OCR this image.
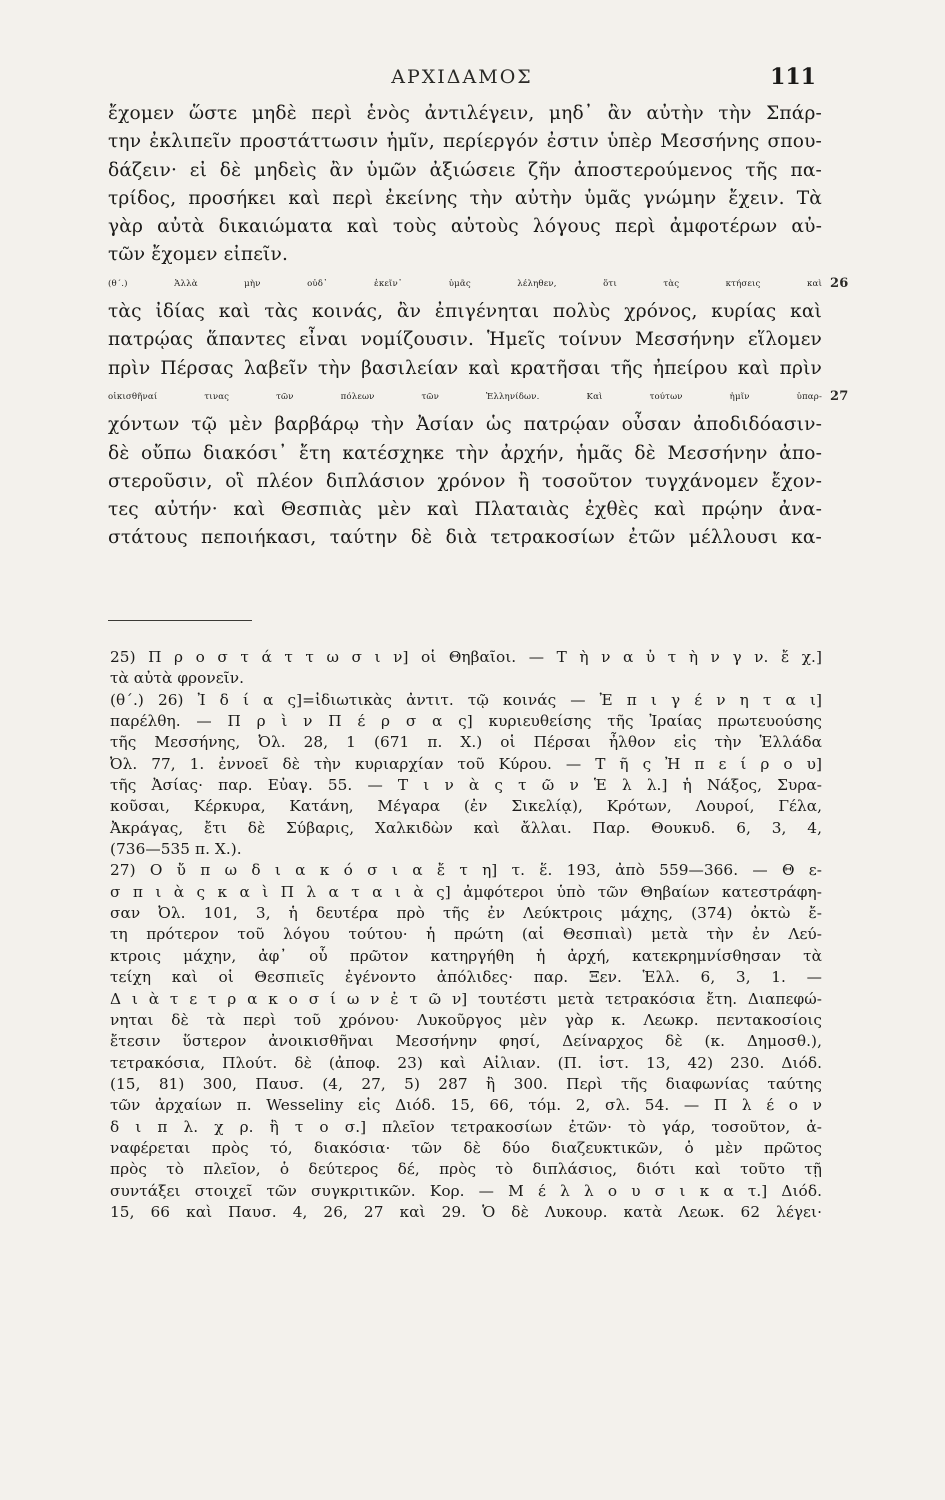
ΑΡΧΙΔΑΜΟΣ	111
ἔχομεν ὥστε μηδὲ περὶ ἑνὸς ἀντιλέγειν, μηδ᾽ ἂν αὐτὴν τὴν Σπάρ-
την ἐκλιπεῖν προστάττωσιν ἡμῖν, περίεργόν ἐστιν ὑπὲρ Μεσσήνης σπου-
δάζειν· εἰ δὲ μηδεὶς ἂν ὑμῶν ἀξιώσειε ζῆν ἀποστερούμενος τῆς πα-
τρίδος, προσήκει καὶ περὶ ἐκείνης τὴν αὐτὴν ὑμᾶς γνώμην ἔχειν. Τὰ
γὰρ αὐτὰ δικαιώματα καὶ τοὺς αὐτοὺς λόγους περὶ ἀμφοτέρων αὐ-
τῶν ἔχομεν εἰπεῖν.
(θ΄.) Ἀλλὰ μὴν οὐδ᾽ ἐκεῖν᾽ ὑμᾶς λέληθεν, ὅτι τὰς κτήσεις καὶ 26
τὰς ἰδίας καὶ τὰς κοινάς, ἂν ἐπιγένηται πολὺς χρόνος, κυρίας καὶ
πατρῴας ἅπαντες εἶναι νομίζουσιν. Ἡμεῖς τοίνυν Μεσσήνην εἵλομεν
πρὶν Πέρσας λαβεῖν τὴν βασιλείαν καὶ κρατῆσαι τῆς ἠπείρου καὶ πρὶν
οἰκισθῆναί τινας τῶν πόλεων τῶν Ἑλληνίδων. Καὶ τούτων ἡμῖν ὑπαρ- 27
χόντων τῷ μὲν βαρβάρῳ τὴν Ἀσίαν ὡς πατρῴαν οὖσαν ἀποδιδόασιν-
δὲ οὔπω διακόσι᾽ ἔτη κατέσχηκε τὴν ἀρχήν, ἡμᾶς δὲ Μεσσήνην ἀπο-
στεροῦσιν, οἳ πλέον διπλάσιον χρόνον ἢ τοσοῦτον τυγχάνομεν ἔχον-
τες αὐτήν· καὶ Θεσπιὰς μὲν καὶ Πλαταιὰς ἐχθὲς καὶ πρῴην ἀνα-
στάτους πεποιήκασι, ταύτην δὲ διὰ τετρακοσίων ἐτῶν μέλλουσι κα-
25) Π ρ ο σ τ ά τ τ ω σ ι ν] οἱ Θηβαῖοι. — Τ ὴ ν α ὐ τ ὴ ν γ ν. ἔ χ.]
τὰ αὐτὰ φρονεῖν.
(θ΄.) 26) Ἰ δ ί α ς]=ἰδιωτικὰς ἀντιτ. τῷ κοινάς — Ἐ π ι γ έ ν η τ α ι]
παρέλθη. — Π ρ ὶ ν Π έ ρ σ α ς] κυριευθείσης τῆς Ἰραίας πρωτευούσης
τῆς Μεσσήνης, Ὀλ. 28, 1 (671 π. Χ.) οἱ Πέρσαι ἦλθον εἰς τὴν Ἑλλάδα
Ὀλ. 77, 1. ἐννοεῖ δὲ τὴν κυριαρχίαν τοῦ Κύρου. — Τ ῆ ς Ἠ π ε ί ρ ο υ]
τῆς Ἀσίας· παρ. Εὐαγ. 55. — Τ ι ν ὰ ς τ ῶ ν Ἑ λ λ.] ἡ Νάξος, Συρα-
κοῦσαι, Κέρκυρα, Κατάνη, Μέγαρα (ἐν Σικελίᾳ), Κρότων, Λουροί, Γέλα,
Ἀκράγας, ἔτι δὲ Σύβαρις, Χαλκιδὼν καὶ ἄλλαι. Παρ. Θουκυδ. 6, 3, 4,
(736—535 π. Χ.).
27) Ο ὔ π ω δ ι α κ ό σ ι α ἔ τ η] τ. ἕ. 193, ἀπὸ 559—366. — Θ ε-
σ π ι ὰ ς κ α ὶ Π λ α τ α ι ὰ ς] ἀμφότεροι ὑπὸ τῶν Θηβαίων κατεστράφη-
σαν Ὀλ. 101, 3, ἡ δευτέρα πρὸ τῆς ἐν Λεύκτροις μάχης, (374) ὀκτὼ ἔ-
τη πρότερον τοῦ λόγου τούτου· ἡ πρώτη (αἱ Θεσπιαὶ) μετὰ τὴν ἐν Λεύ-
κτροις μάχην, ἀφ᾽ οὗ πρῶτον κατηργήθη ἡ ἀρχή, κατεκρημνίσθησαν τὰ
τείχη καὶ οἱ Θεσπιεῖς ἐγένοντο ἀπόλιδες· παρ. Ξεν. Ἑλλ. 6, 3, 1. —
Δ ι ὰ τ ε τ ρ α κ ο σ ί ω ν ἐ τ ῶ ν] τουτέστι μετὰ τετρακόσια ἔτη. Διαπεφώ-
νηται δὲ τὰ περὶ τοῦ χρόνου· Λυκοῦργος μὲν γὰρ κ. Λεωκρ. πεντακοσίοις
ἔτεσιν ὕστερον ἀνοικισθῆναι Μεσσήνην φησί, Δείναρχος δὲ (κ. Δημοσθ.),
τετρακόσια, Πλούτ. δὲ (ἀποφ. 23) καὶ Αἰλιαν. (Π. ἱστ. 13, 42) 230. Διόδ.
(15, 81) 300, Παυσ. (4, 27, 5) 287 ἢ 300. Περὶ τῆς διαφωνίας ταύτης
τῶν ἀρχαίων π. Wesseliny εἰς Διόδ. 15, 66, τόμ. 2, σλ. 54. — Π λ έ ο ν
δ ι π λ. χ ρ. ἢ τ ο σ.] πλεῖον τετρακοσίων ἐτῶν· τὸ γάρ, τοσοῦτον, ἀ-
ναφέρεται πρὸς τό, διακόσια· τῶν δὲ δύο διαζευκτικῶν, ὁ μὲν πρῶτος
πρὸς τὸ πλεῖον, ὁ δεύτερος δέ, πρὸς τὸ διπλάσιος, διότι καὶ τοῦτο τῇ
συντάξει στοιχεῖ τῶν συγκριτικῶν. Κορ. — Μ έ λ λ ο υ σ ι κ α τ.] Διόδ.
15, 66 καὶ Παυσ. 4, 26, 27 καὶ 29. Ὁ δὲ Λυκουρ. κατὰ Λεωκ. 62 λέγει·
